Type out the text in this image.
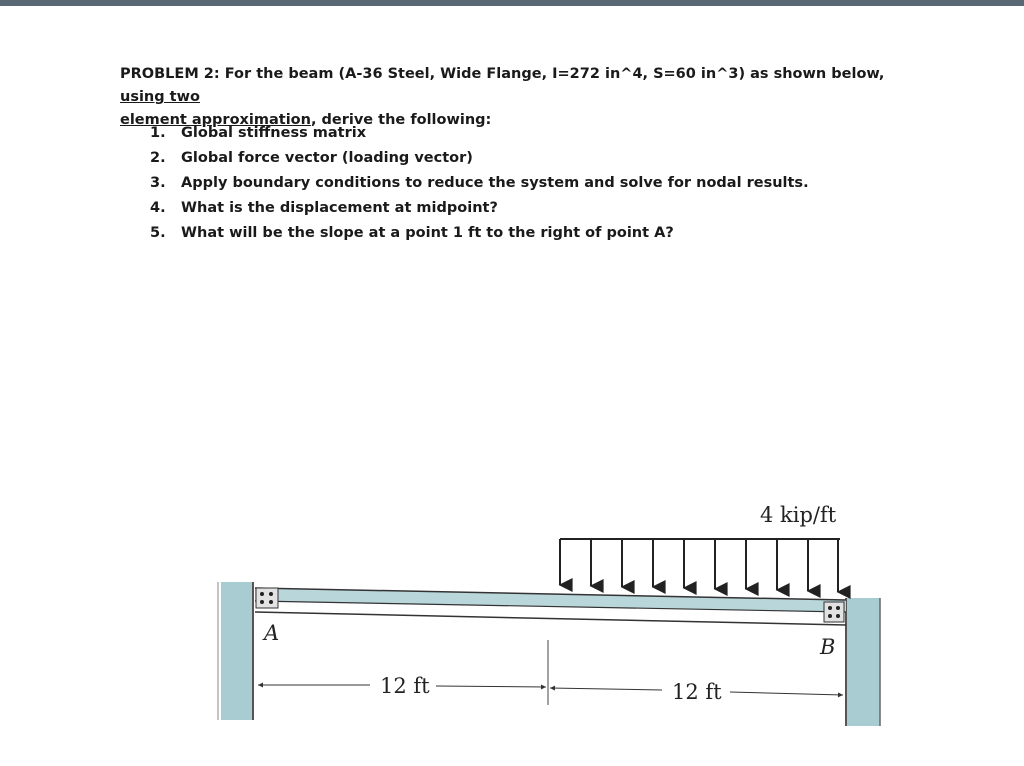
PROBLEM 2: For the beam (A-36 Steel, Wide Flange, I=272 in^4, S=60 in^3) as shown below, using two
element approximation, derive the following:
1.	Global stiffness matrix
2.	Global force vector (loading vector)
3.	Apply boundary conditions to reduce the system and solve for nodal results.
4.	What is the displacement at midpoint?
5.	What will be the slope at a point 1 ft to the right of point A?
4 kip/ft
A
B
12 ft	12 ft
